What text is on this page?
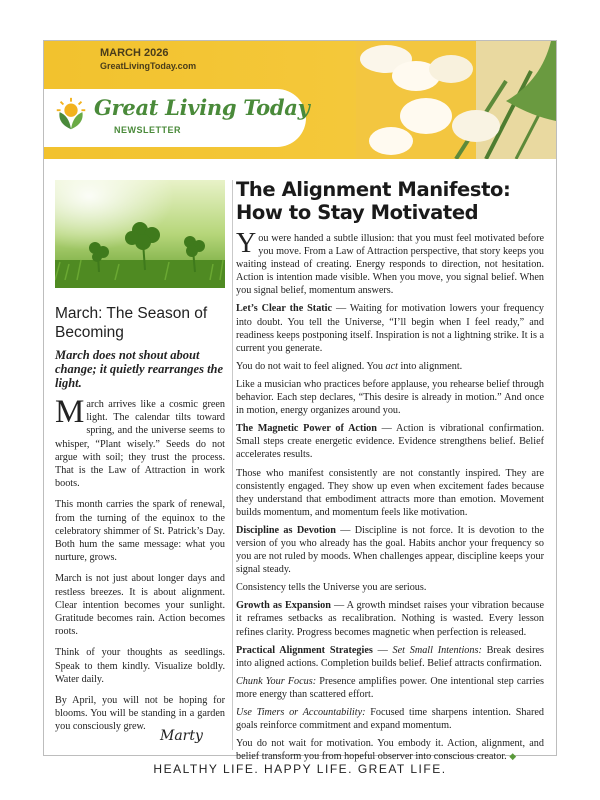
MARCH 2026
GreatLivingToday.com
Great Living Today
NEWSLETTER
March: The Season of Becoming
March does not shout about change; it quietly rearranges the light.

March arrives like a cosmic green light. The calendar tilts toward spring, and the universe seems to whisper, “Plant wisely.” Seeds do not argue with soil; they trust the process. That is the Law of Attraction in work boots.

This month carries the spark of renewal, from the turning of the equinox to the celebratory shimmer of St. Patrick’s Day. Both hum the same message: what you nurture, grows.

March is not just about longer days and restless breezes. It is about alignment. Clear intention becomes your sunlight. Gratitude becomes rain. Action becomes roots.

Think of your thoughts as seedlings. Speak to them kindly. Visualize boldly. Water daily.

By April, you will not be hoping for blooms. You will be standing in a garden you consciously grew.

Marty
The Alignment Manifesto: How to Stay Motivated

You were handed a subtle illusion: that you must feel motivated before you move. From a Law of Attraction perspective, that story keeps you waiting instead of creating. Energy responds to direction, not hesitation. Action is intention made visible. When you move, you signal belief. When you signal belief, momentum answers.

Let’s Clear the Static — Waiting for motivation lowers your frequency into doubt. You tell the Universe, “I’ll begin when I feel ready,” and readiness keeps postponing itself. Inspiration is not a lightning strike. It is a current you generate.

You do not wait to feel aligned. You act into alignment.

Like a musician who practices before applause, you rehearse belief through behavior. Each step declares, “This desire is already in motion.” And once in motion, energy organizes around you.

The Magnetic Power of Action — Action is vibrational confirmation. Small steps create energetic evidence. Evidence strengthens belief. Belief accelerates results.

Those who manifest consistently are not constantly inspired. They are consistently engaged. They show up even when excitement fades because they understand that embodiment attracts more than emotion. Movement builds momentum, and momentum feels like motivation.

Discipline as Devotion — Discipline is not force. It is devotion to the version of you who already has the goal. Habits anchor your frequency so you are not ruled by moods. When challenges appear, discipline keeps your signal steady.

Consistency tells the Universe you are serious.

Growth as Expansion — A growth mindset raises your vibration because it reframes setbacks as recalibration. Nothing is wasted. Every lesson refines clarity. Progress becomes magnetic when perfection is released.

Practical Alignment Strategies — Set Small Intentions: Break desires into aligned actions. Completion builds belief. Belief attracts confirmation.

Chunk Your Focus: Presence amplifies power. One intentional step carries more energy than scattered effort.

Use Timers or Accountability: Focused time sharpens intention. Shared goals reinforce commitment and expand momentum.

You do not wait for motivation. You embody it. Action, alignment, and belief transform you from hopeful observer into conscious creator. ◆

HEALTHY LIFE. HAPPY LIFE. GREAT LIFE.
